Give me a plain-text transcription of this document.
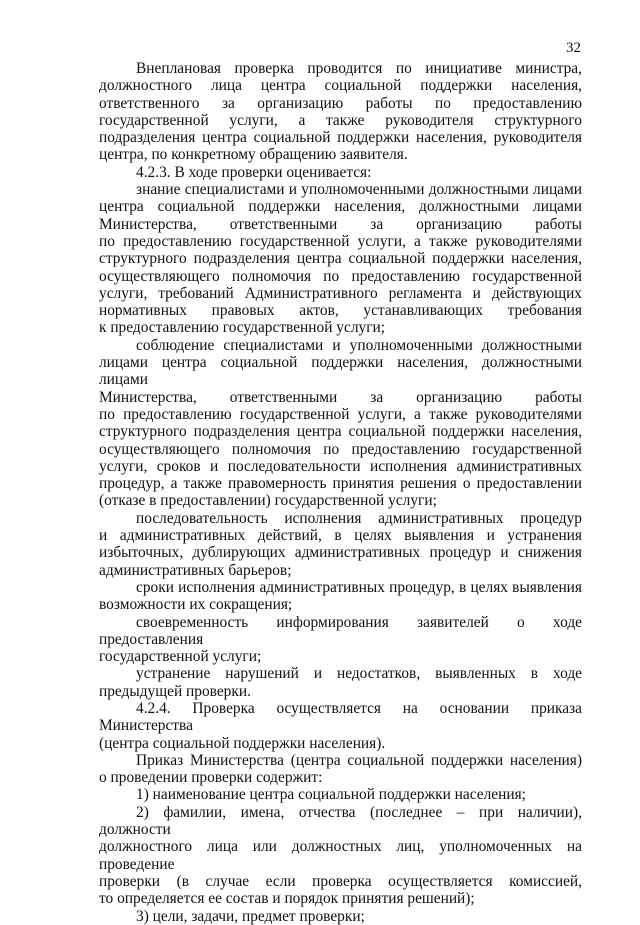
32

Внеплановая проверка проводится по инициативе министра,

должностного лица центра социальной поддержки населения,

ответственного за организацию работы по предоставлению

государственной услуги, а также руководителя структурного

подразделения центра социальной поддержки населения, руководителя

центра, по конкретному обращению заявителя.

4.2.3. В ходе проверки оценивается:

знание специалистами и уполномоченными должностными лицами

центра социальной поддержки населения, должностными лицами

Министерства, ответственными за организацию работы

по предоставлению государственной услуги, а также руководителями

структурного подразделения центра социальной поддержки населения,

осуществляющего полномочия по предоставлению государственной

услуги, требований Административного регламента и действующих

нормативных правовых актов, устанавливающих требования

к предоставлению государственной услуги;

соблюдение специалистами и уполномоченными должностными

лицами центра социальной поддержки населения, должностными лицами

Министерства, ответственными за организацию работы

по предоставлению государственной услуги, а также руководителями

структурного подразделения центра социальной поддержки населения,

осуществляющего полномочия по предоставлению государственной

услуги, сроков и последовательности исполнения административных

процедур, а также правомерность принятия решения о предоставлении

(отказе в предоставлении) государственной услуги;

последовательность исполнения административных процедур

и административных действий, в целях выявления и устранения

избыточных, дублирующих административных процедур и снижения

административных барьеров;

сроки исполнения административных процедур, в целях выявления

возможности их сокращения;

своевременность информирования заявителей о ходе предоставления

государственной услуги;

устранение нарушений и недостатков, выявленных в ходе

предыдущей проверки.

4.2.4. Проверка осуществляется на основании приказа Министерства

(центра социальной поддержки населения).

Приказ Министерства (центра социальной поддержки населения)

о проведении проверки содержит:

1) наименование центра социальной поддержки населения;

2) фамилии, имена, отчества (последнее – при наличии), должности

должностного лица или должностных лиц, уполномоченных на проведение

проверки (в случае если проверка осуществляется комиссией,

то определяется ее состав и порядок принятия решений);

3) цели, задачи, предмет проверки;
